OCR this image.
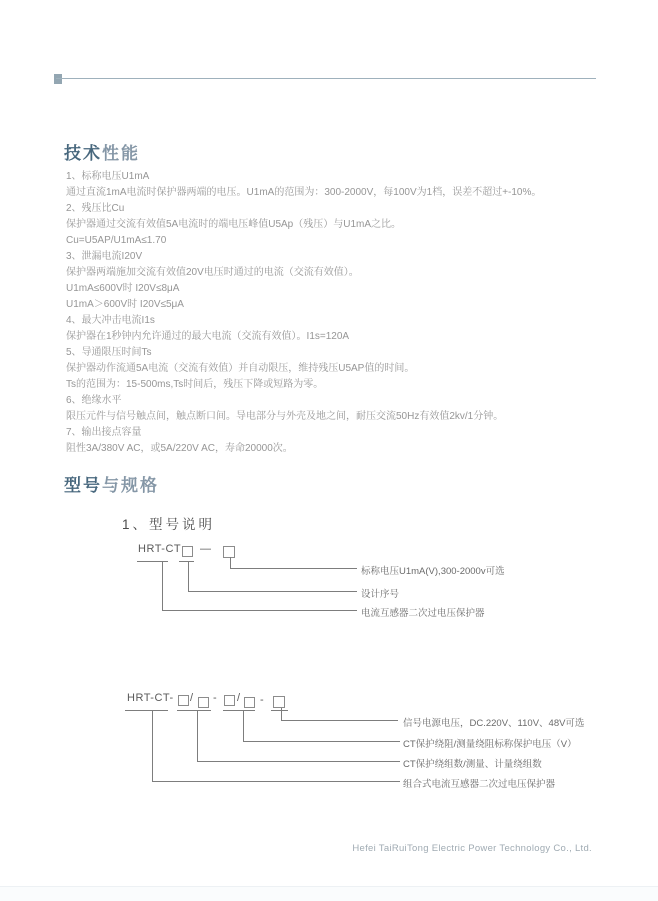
技术性能
1、标称电压U1mA
通过直流1mA电流时保护器两端的电压。U1mA的范围为：300-2000V，每100V为1档，误差不超过+-10%。
2、残压比Cu
保护器通过交流有效值5A电流时的端电压峰值U5Ap（残压）与U1mA之比。
Cu=U5AP/U1mA≤1.70
3、泄漏电流I20V
保护器两端施加交流有效值20V电压时通过的电流（交流有效值）。
U1mA≤600V时 I20V≤8μA
U1mA＞600V时 I20V≤5μA
4、最大冲击电流I1s
保护器在1秒钟内允许通过的最大电流（交流有效值）。I1s=120A
5、导通限压时间Ts
保护器动作流通5A电流（交流有效值）并自动限压，维持残压U5AP值的时间。
Ts的范围为：15-500ms,Ts时间后，残压下降或短路为零。
6、绝缘水平
限压元件与信号触点间，触点断口间。导电部分与外壳及地之间，耐压交流50Hz有效值2kv/1分钟。
7、输出接点容量
阻性3A/380V AC，或5A/220V AC，寿命20000次。
型号与规格
1、型号说明
HRT-CT —
标称电压U1mA(V),300-2000v可选
设计序号
电流互感器二次过电压保护器
HRT-CT- / - / -
信号电源电压，DC.220V、110V、48V可选
CT保护绕阻/测量绕阻标称保护电压（V）
CT保护绕组数/测量、计量绕组数
组合式电流互感器二次过电压保护器
Hefei TaiRuiTong Electric Power Technology Co., Ltd.
